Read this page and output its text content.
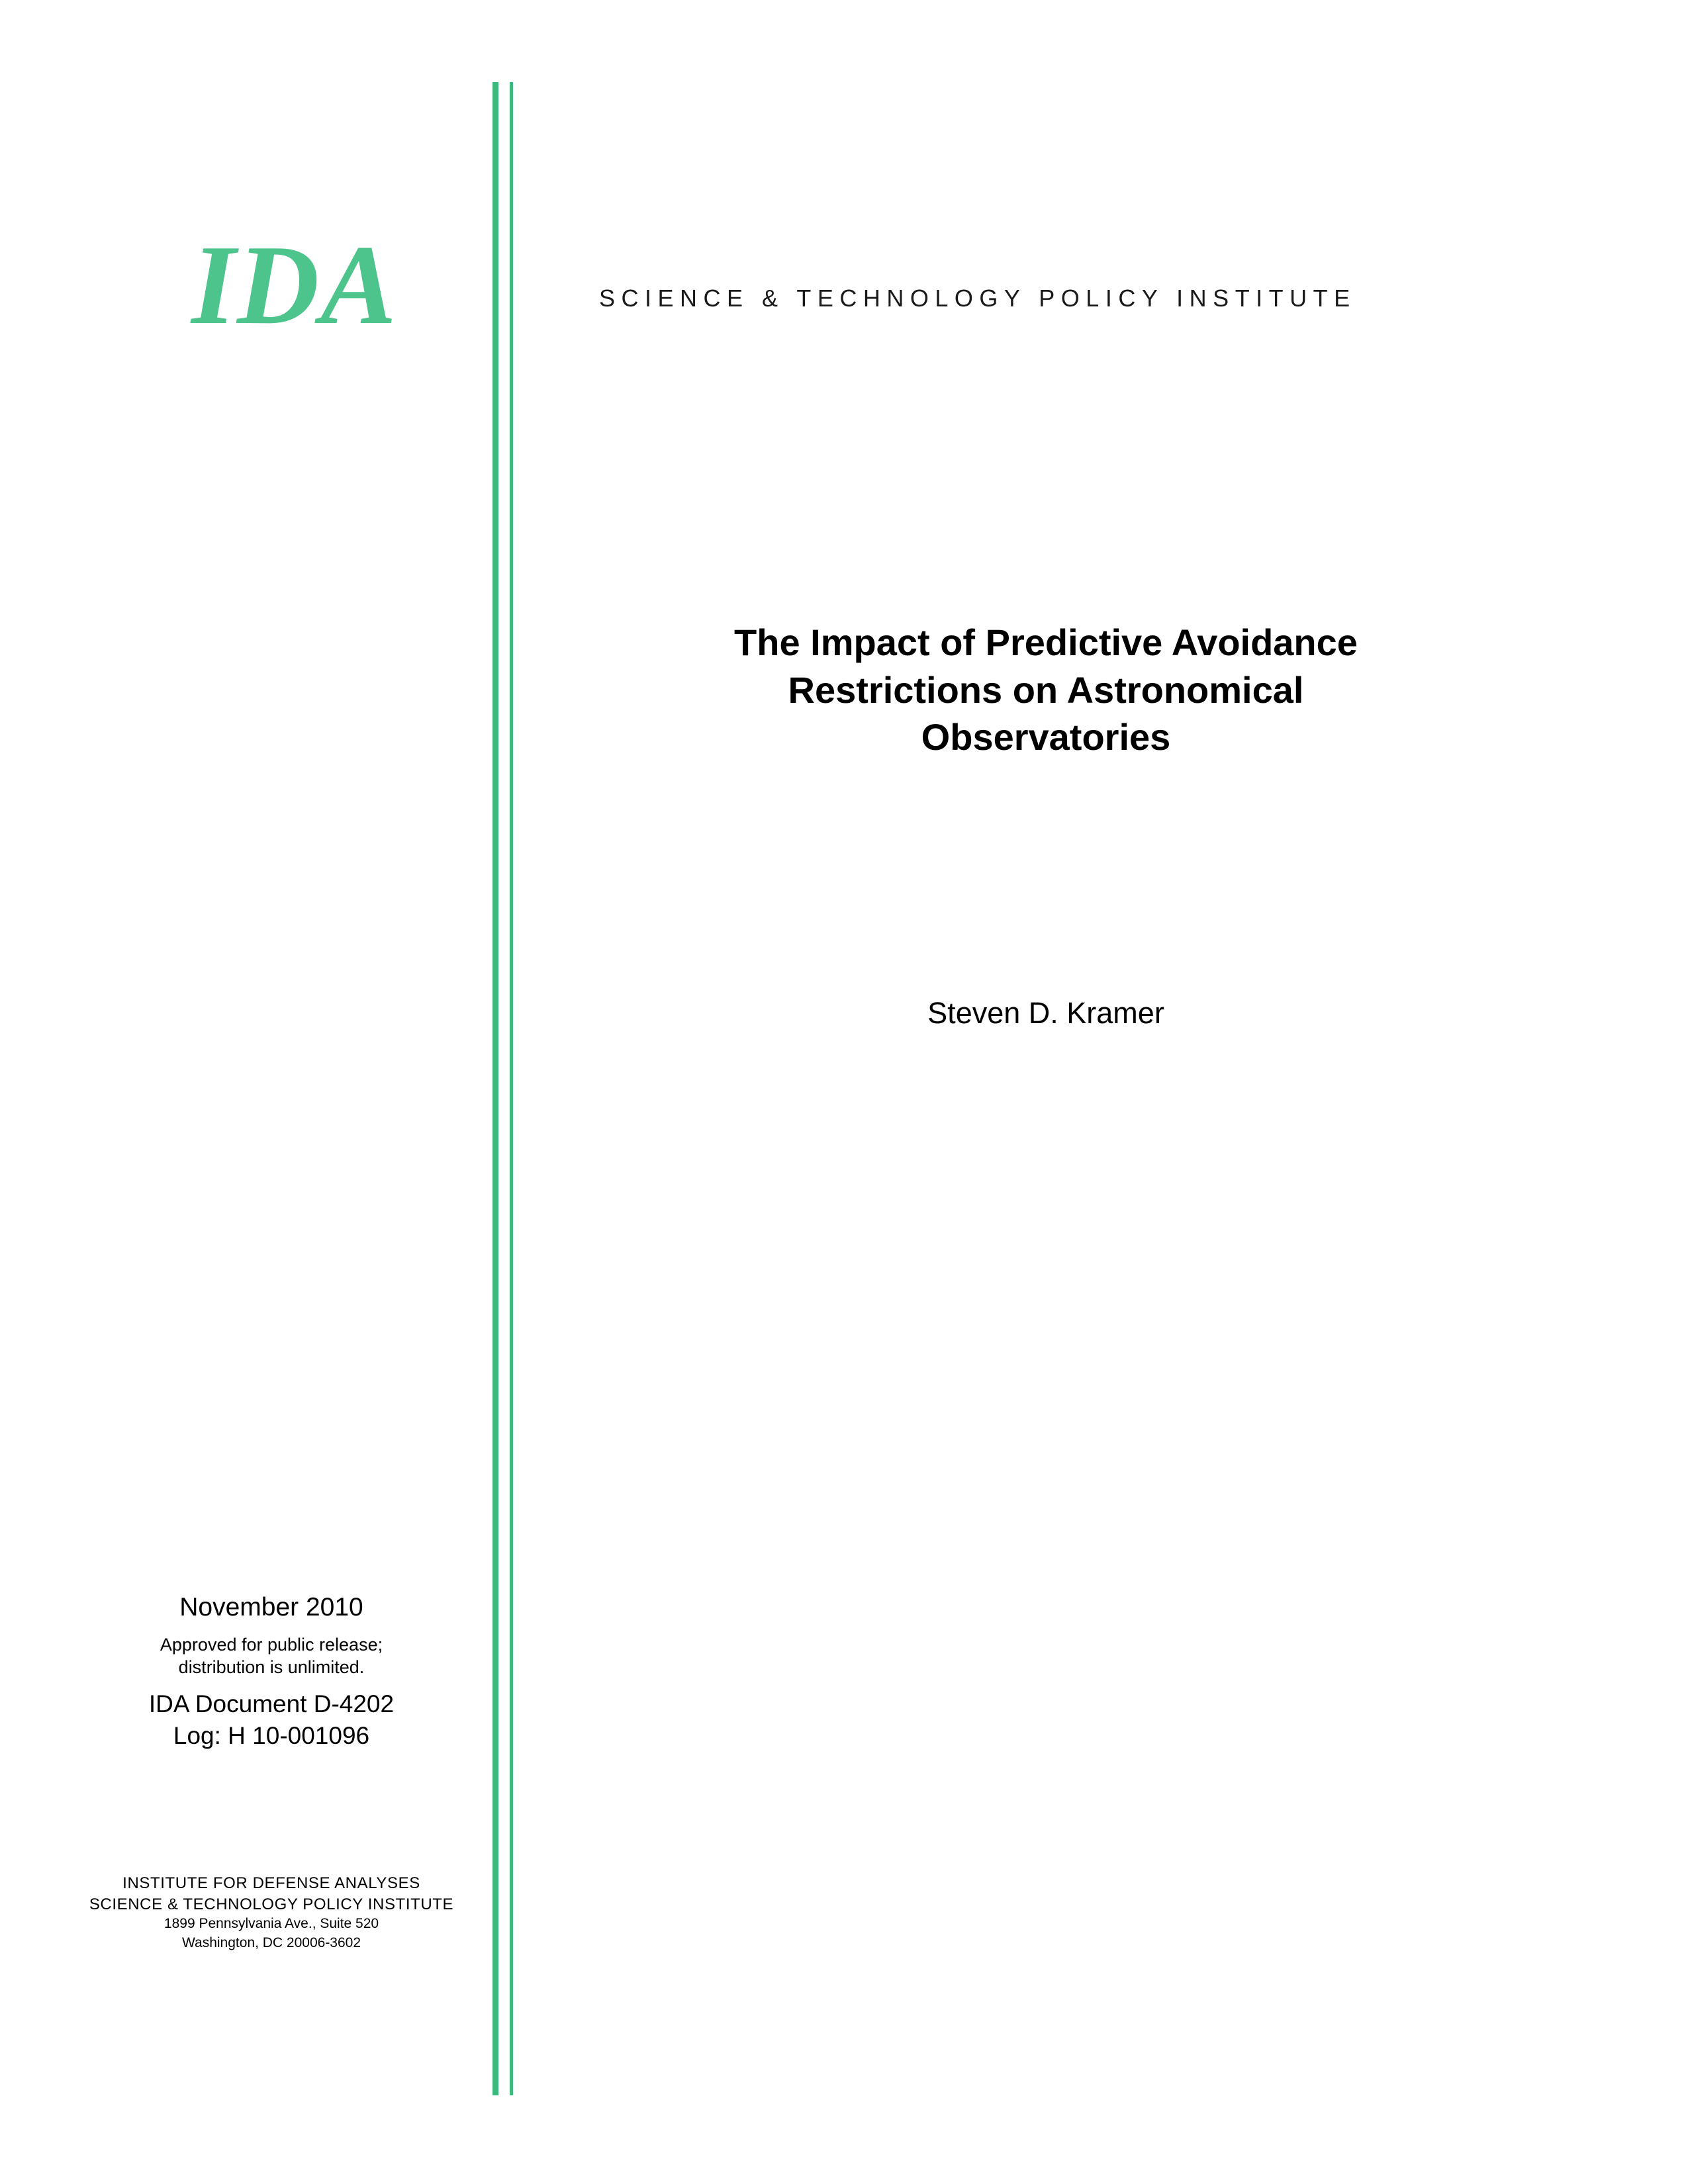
IDA	SCIENCE & TECHNOLOGY POLICY INSTITUTE
The Impact of Predictive Avoidance
Restrictions on Astronomical
Observatories
Steven D. Kramer
November 2010
Approved for public release;
distribution is unlimited.
IDA Document D-4202
Log: H 10-001096
INSTITUTE FOR DEFENSE ANALYSES
SCIENCE & TECHNOLOGY POLICY INSTITUTE
1899 Pennsylvania Ave., Suite 520
Washington, DC 20006-3602
